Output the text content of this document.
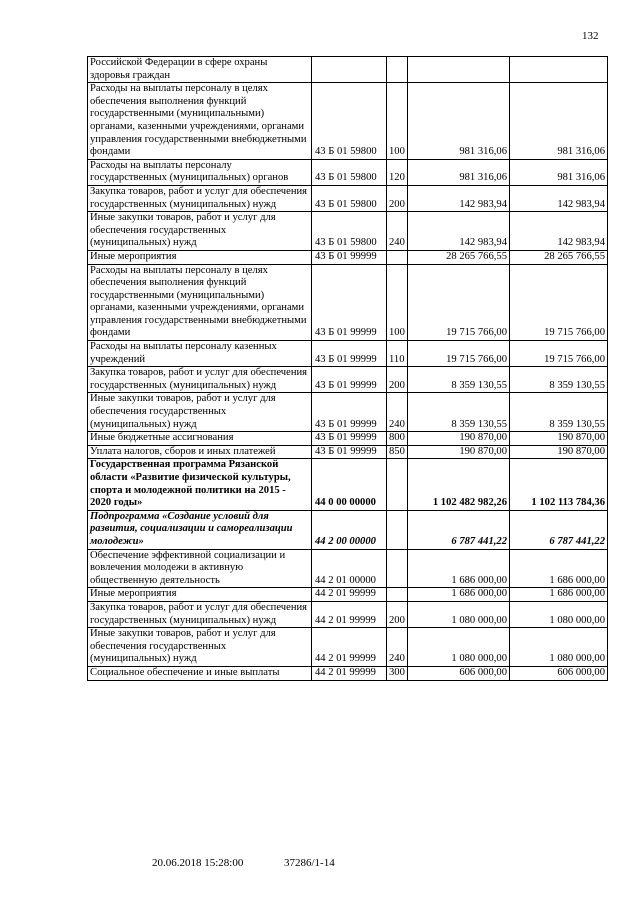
132
Российской Федерации в сфере охраны здоровья граждан				
Расходы на выплаты персоналу в целях обеспечения выполнения функций государственными (муниципальными) органами, казенными учреждениями, органами управления государственными внебюджетными фондами	43 Б 01 59800	100	981 316,06	981 316,06
Расходы на выплаты персоналу государственных (муниципальных) органов	43 Б 01 59800	120	981 316,06	981 316,06
Закупка товаров, работ и услуг для обеспечения государственных (муниципальных) нужд	43 Б 01 59800	200	142 983,94	142 983,94
Иные закупки товаров, работ и услуг для обеспечения государственных (муниципальных) нужд	43 Б 01 59800	240	142 983,94	142 983,94
Иные мероприятия	43 Б 01 99999		28 265 766,55	28 265 766,55
Расходы на выплаты персоналу в целях обеспечения выполнения функций государственными (муниципальными) органами, казенными учреждениями, органами управления государственными внебюджетными фондами	43 Б 01 99999	100	19 715 766,00	19 715 766,00
Расходы на выплаты персоналу казенных учреждений	43 Б 01 99999	110	19 715 766,00	19 715 766,00
Закупка товаров, работ и услуг для обеспечения государственных (муниципальных) нужд	43 Б 01 99999	200	8 359 130,55	8 359 130,55
Иные закупки товаров, работ и услуг для обеспечения государственных (муниципальных) нужд	43 Б 01 99999	240	8 359 130,55	8 359 130,55
Иные бюджетные ассигнования	43 Б 01 99999	800	190 870,00	190 870,00
Уплата налогов, сборов и иных платежей	43 Б 01 99999	850	190 870,00	190 870,00
Государственная программа Рязанской области «Развитие физической культуры, спорта и молодежной политики на 2015 - 2020 годы»	44 0 00 00000		1 102 482 982,26	1 102 113 784,36
Подпрограмма «Создание условий для развития, социализации и самореализации молодежи»	44 2 00 00000		6 787 441,22	6 787 441,22
Обеспечение эффективной социализации и вовлечения молодежи в активную общественную деятельность	44 2 01 00000		1 686 000,00	1 686 000,00
Иные мероприятия	44 2 01 99999		1 686 000,00	1 686 000,00
Закупка товаров, работ и услуг для обеспечения государственных (муниципальных) нужд	44 2 01 99999	200	1 080 000,00	1 080 000,00
Иные закупки товаров, работ и услуг для обеспечения государственных (муниципальных) нужд	44 2 01 99999	240	1 080 000,00	1 080 000,00
Социальное обеспечение и иные выплаты	44 2 01 99999	300	606 000,00	606 000,00
20.06.2018 15:28:00	37286/1-14
